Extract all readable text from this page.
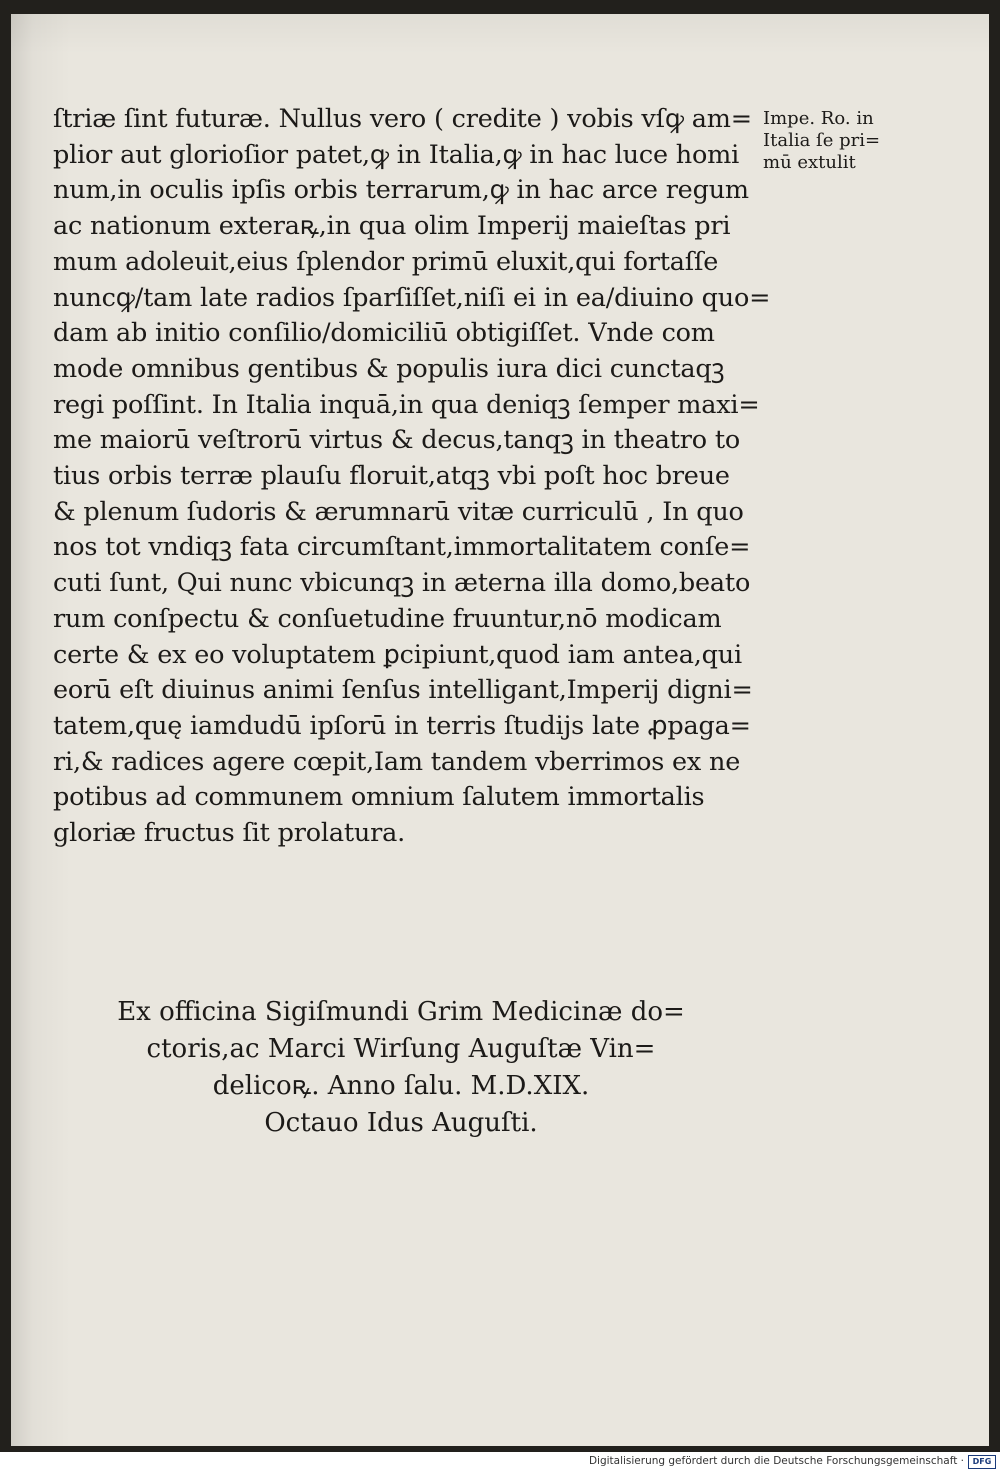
ſtriæ ſint futuræ. Nullus vero ( credite ) vobis vſꝙ am=
plior aut glorioſior patet,ꝙ in Italia,ꝙ in hac luce homi
num,in oculis ipſis orbis terrarum,ꝙ in hac arce regum
ac nationum exteraꝶ,in qua olim Imperij maieſtas pri
mum adoleuit,eius ſplendor primū eluxit,qui fortaſſe
nuncꝙ/tam late radios ſparſiſſet,niſi ei in ea/diuino quo=
dam ab initio conſilio/domiciliū obtigiſſet. Vnde com
mode omnibus gentibus & populis iura dici cunctaqꝫ
regi poſſint. In Italia inquā,in qua deniqꝫ ſemper maxi=
me maiorū veſtrorū virtus & decus,tanqꝫ in theatro to
tius orbis terræ plauſu floruit,atqꝫ vbi poſt hoc breue
& plenum ſudoris & ærumnarū vitæ curriculū , In quo
nos tot vndiqꝫ fata circumſtant,immortalitatem conſe=
cuti ſunt, Qui nunc vbicunqꝫ in æterna illa domo,beato
rum conſpectu & conſuetudine fruuntur,nō modicam
certe & ex eo voluptatem ꝑcipiunt,quod iam antea,qui
eorū eſt diuinus animi ſenſus intelligant,Imperij digni=
tatem,quę iamdudū ipſorū in terris ſtudijs late ꝓpaga=
ri,& radices agere cœpit,Iam tandem vberrimos ex ne
potibus ad communem omnium ſalutem immortalis
gloriæ fructus ſit prolatura.
Impe. Ro. in
Italia ſe pri=
mū extulit
Ex officina Sigiſmundi Grim Medicinæ do=
ctoris,ac Marci Wirſung Auguſtæ Vin=
delicoꝶ. Anno ſalu. M.D.XIX.
Octauo Idus Auguſti.
Digitalisierung gefördert durch die Deutsche Forschungsgemeinschaft ·	DFG
